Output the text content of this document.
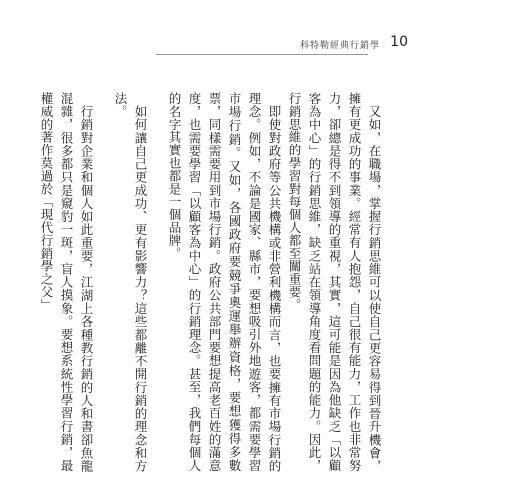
科特勒經典行銷學 10

又如，在職場，掌握行銷思維可以使自己更容易得到晉升機會，擁有更成功的事業。經常有人抱怨，自己很有能力，工作也非常努力，卻總是得不到領導的重視，其實，這可能是因為他缺乏「以顧客為中心」的行銷思維，缺乏站在領導角度看問題的能力。因此，行銷思維的學習對每個人都至關重要。

即使對政府等公共機構或非營利機構而言，也要擁有市場行銷的理念。例如，不論是國家、縣市，要想吸引外地遊客，都需要學習市場行銷。又如，各國政府要競爭奧運舉辦資格，要想獲得多數票，同樣需要用到市場行銷。政府公共部門要想提高老百姓的滿意度，也需要學習「以顧客為中心」的行銷理念。甚至，我們每個人的名字其實也都是一個品牌。

如何讓自己更成功、更有影響力？這些都離不開行銷的理念和方法。

行銷對企業和個人如此重要，江湖上各種教行銷的人和書卻魚龍混雜，很多都只是窺豹一斑，盲人摸象。要想系統性學習行銷，最權威的著作莫過於「現代行銷學之父」
